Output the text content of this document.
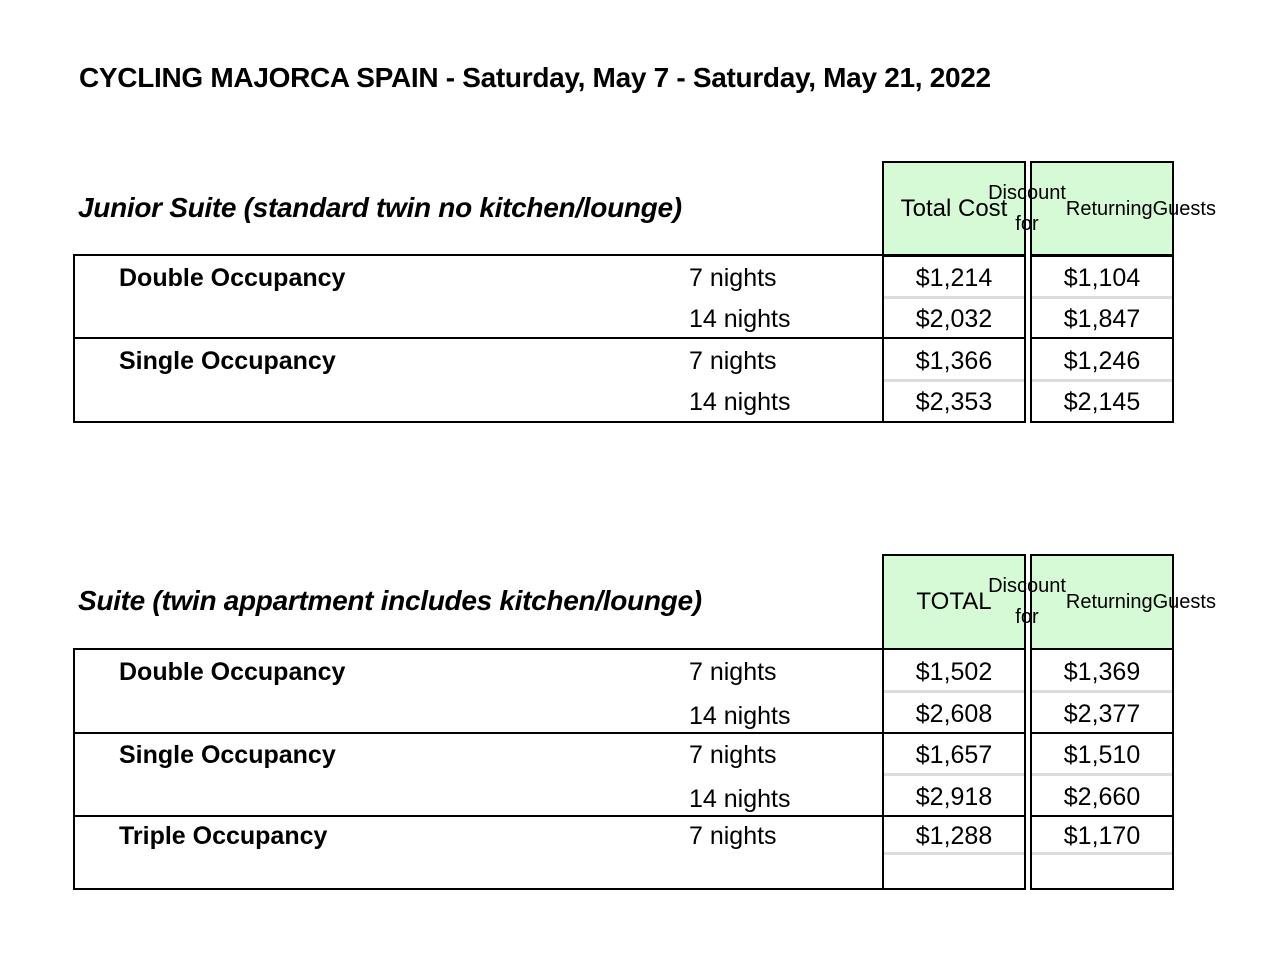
CYCLING MAJORCA SPAIN - Saturday, May 7 - Saturday, May 21, 2022
Junior Suite (standard twin no kitchen/lounge)	Total Cost
Discount for
Returning Guests
Double Occupancy	7 nights	$1,214	$1,104
14 nights	$2,032	$1,847
Single Occupancy	7 nights	$1,366	$1,246
14 nights	$2,353	$2,145
Suite (twin appartment includes kitchen/lounge)	TOTAL
Discount for
Returning Guests
Double Occupancy	7 nights	$1,502	$1,369
14 nights	$2,608	$2,377
Single Occupancy	7 nights	$1,657	$1,510
14 nights	$2,918	$2,660
Triple Occupancy	7 nights	$1,288	$1,170
